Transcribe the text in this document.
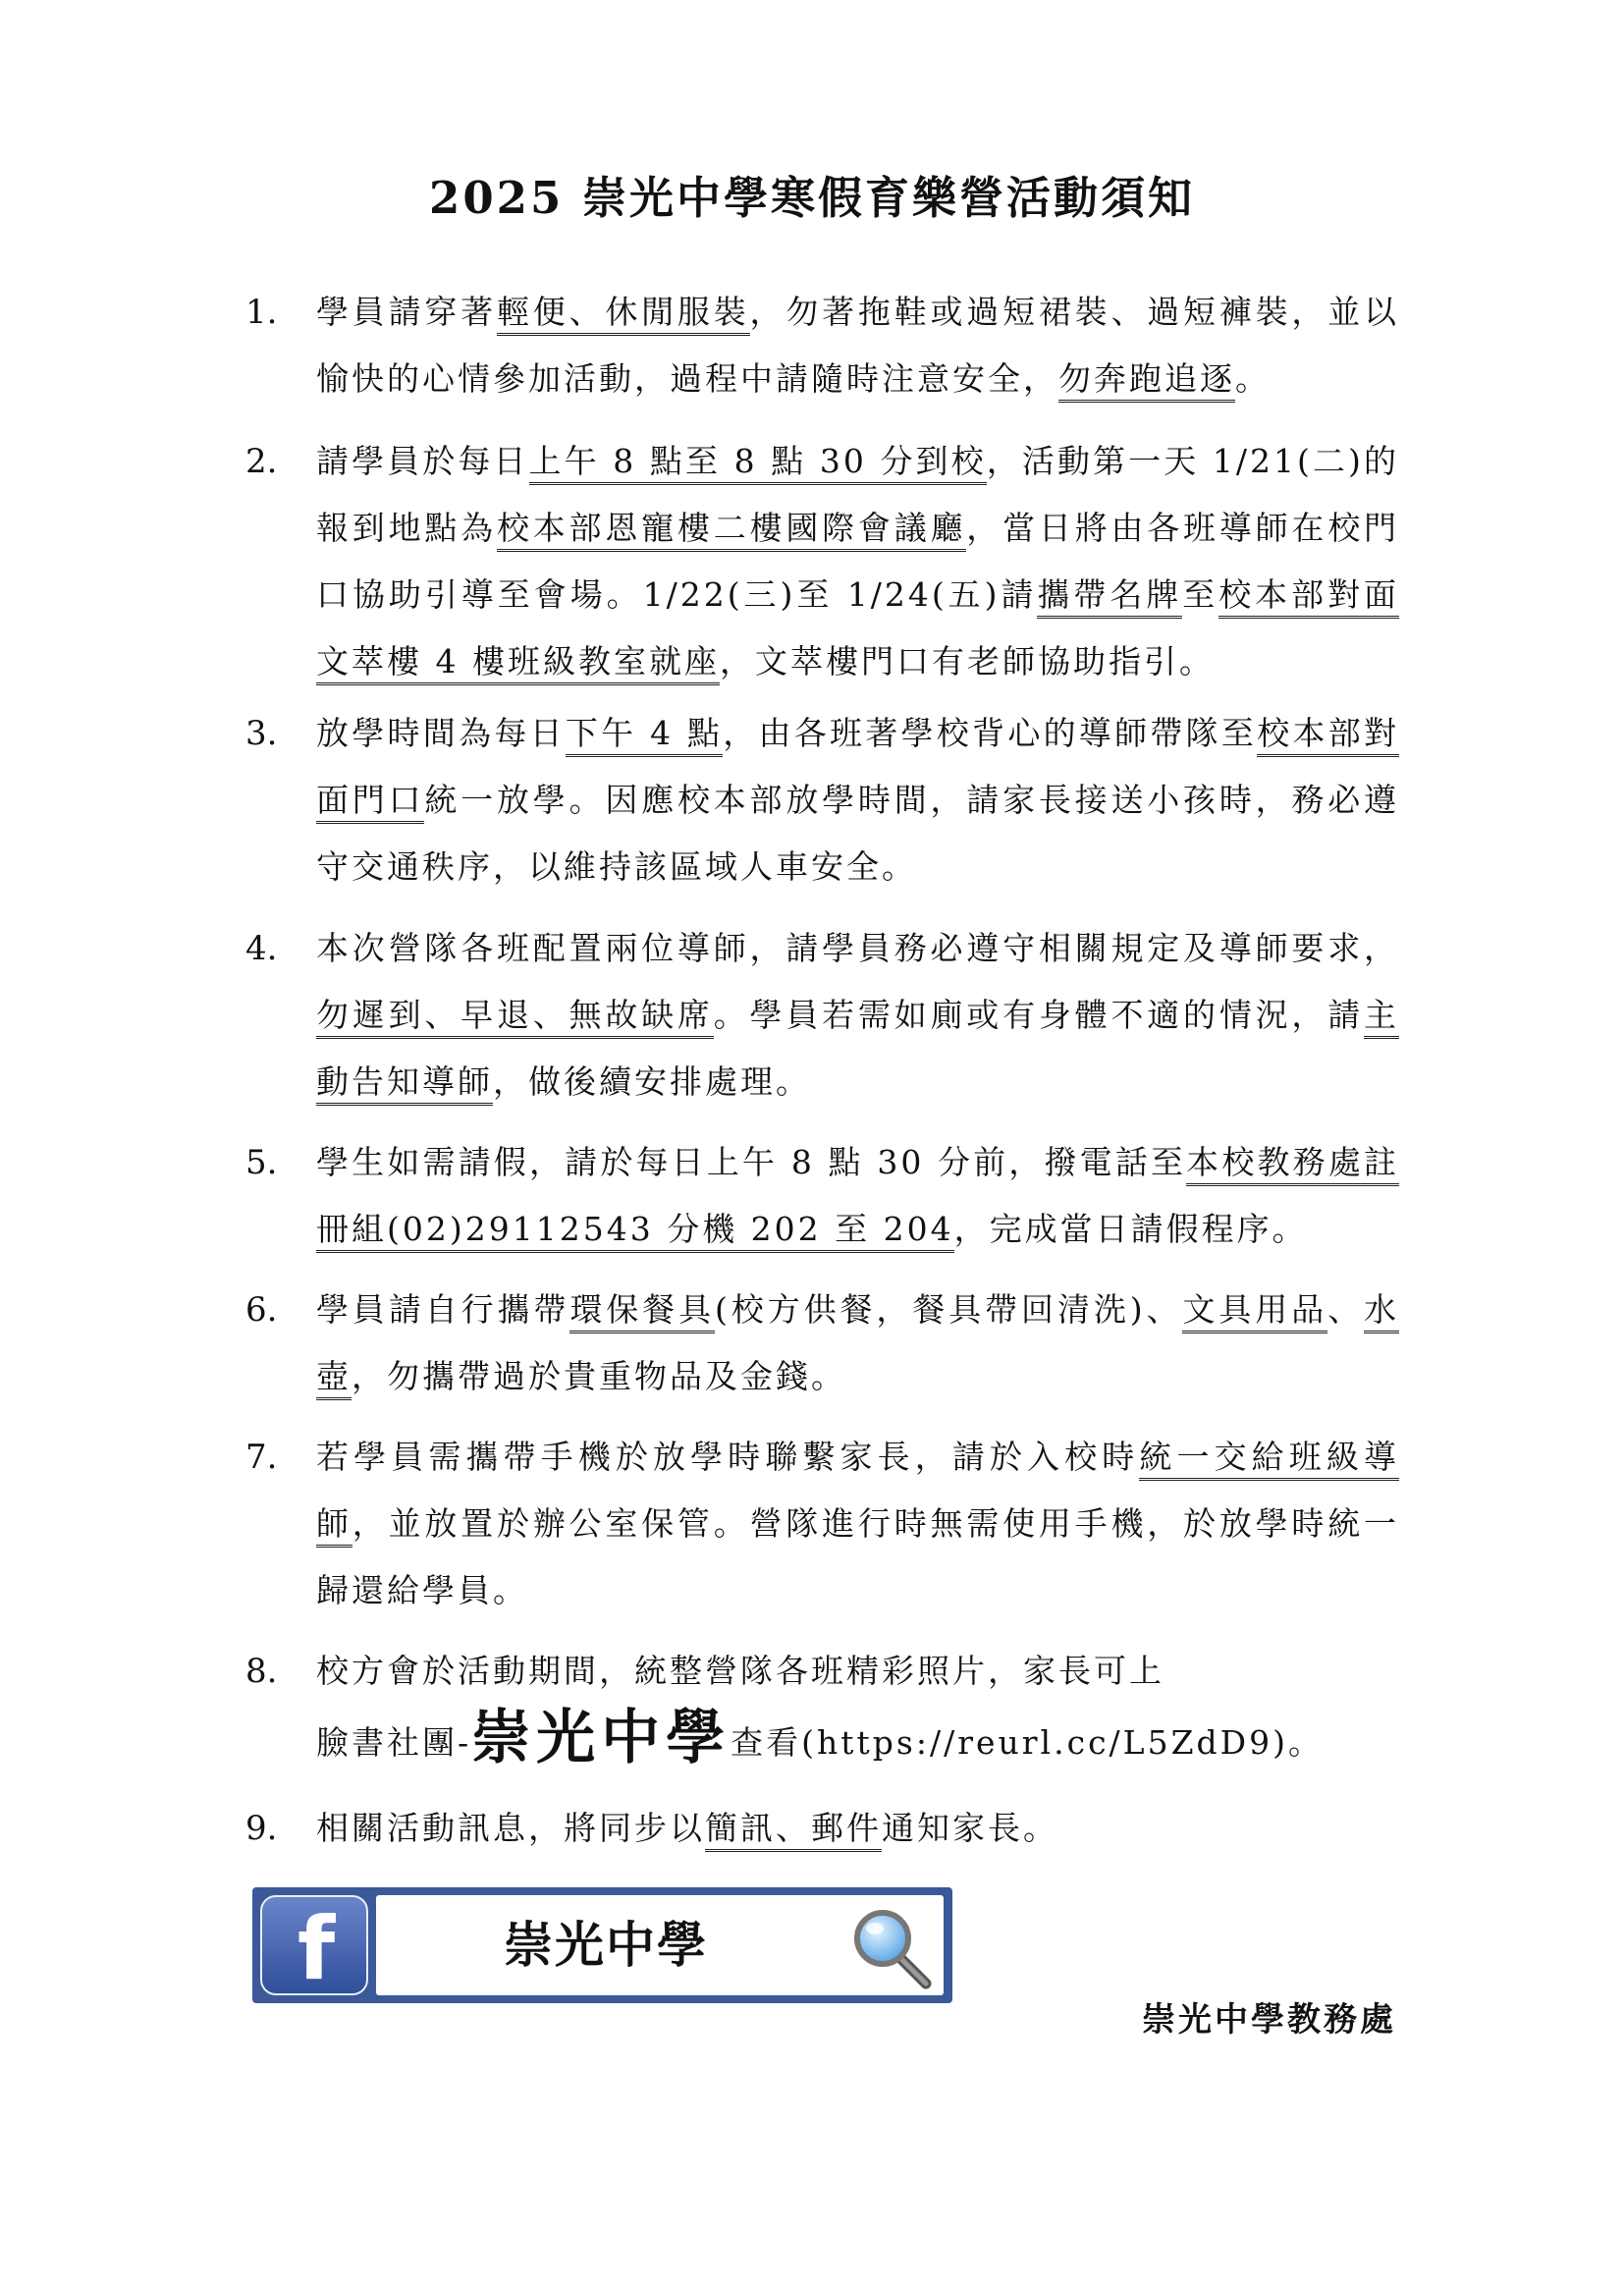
2025 崇光中學寒假育樂營活動須知
1.	學員請穿著輕便、休閒服裝，勿著拖鞋或過短裙裝、過短褲裝，並以愉快的心情參加活動，過程中請隨時注意安全，勿奔跑追逐。
2.	請學員於每日上午 8 點至 8 點 30 分到校，活動第一天 1/21(二)的報到地點為校本部恩寵樓二樓國際會議廳，當日將由各班導師在校門口協助引導至會場。1/22(三)至 1/24(五)請攜帶名牌至校本部對面文萃樓 4 樓班級教室就座，文萃樓門口有老師協助指引。
3.	放學時間為每日下午 4 點，由各班著學校背心的導師帶隊至校本部對面門口統一放學。因應校本部放學時間，請家長接送小孩時，務必遵守交通秩序，以維持該區域人車安全。
4.	本次營隊各班配置兩位導師，請學員務必遵守相關規定及導師要求，勿遲到、早退、無故缺席。學員若需如廁或有身體不適的情況，請主動告知導師，做後續安排處理。
5.	學生如需請假，請於每日上午 8 點 30 分前，撥電話至本校教務處註冊組(02)29112543 分機 202 至 204，完成當日請假程序。
6.	學員請自行攜帶環保餐具(校方供餐，餐具帶回清洗)、文具用品、水壺，勿攜帶過於貴重物品及金錢。
7.	若學員需攜帶手機於放學時聯繫家長，請於入校時統一交給班級導師，並放置於辦公室保管。營隊進行時無需使用手機，於放學時統一歸還給學員。
8.	校方會於活動期間，統整營隊各班精彩照片，家長可上
臉書社團-崇光中學查看(https://reurl.cc/L5ZdD9)。
9.	相關活動訊息，將同步以簡訊、郵件通知家長。
f	崇光中學
崇光中學教務處
